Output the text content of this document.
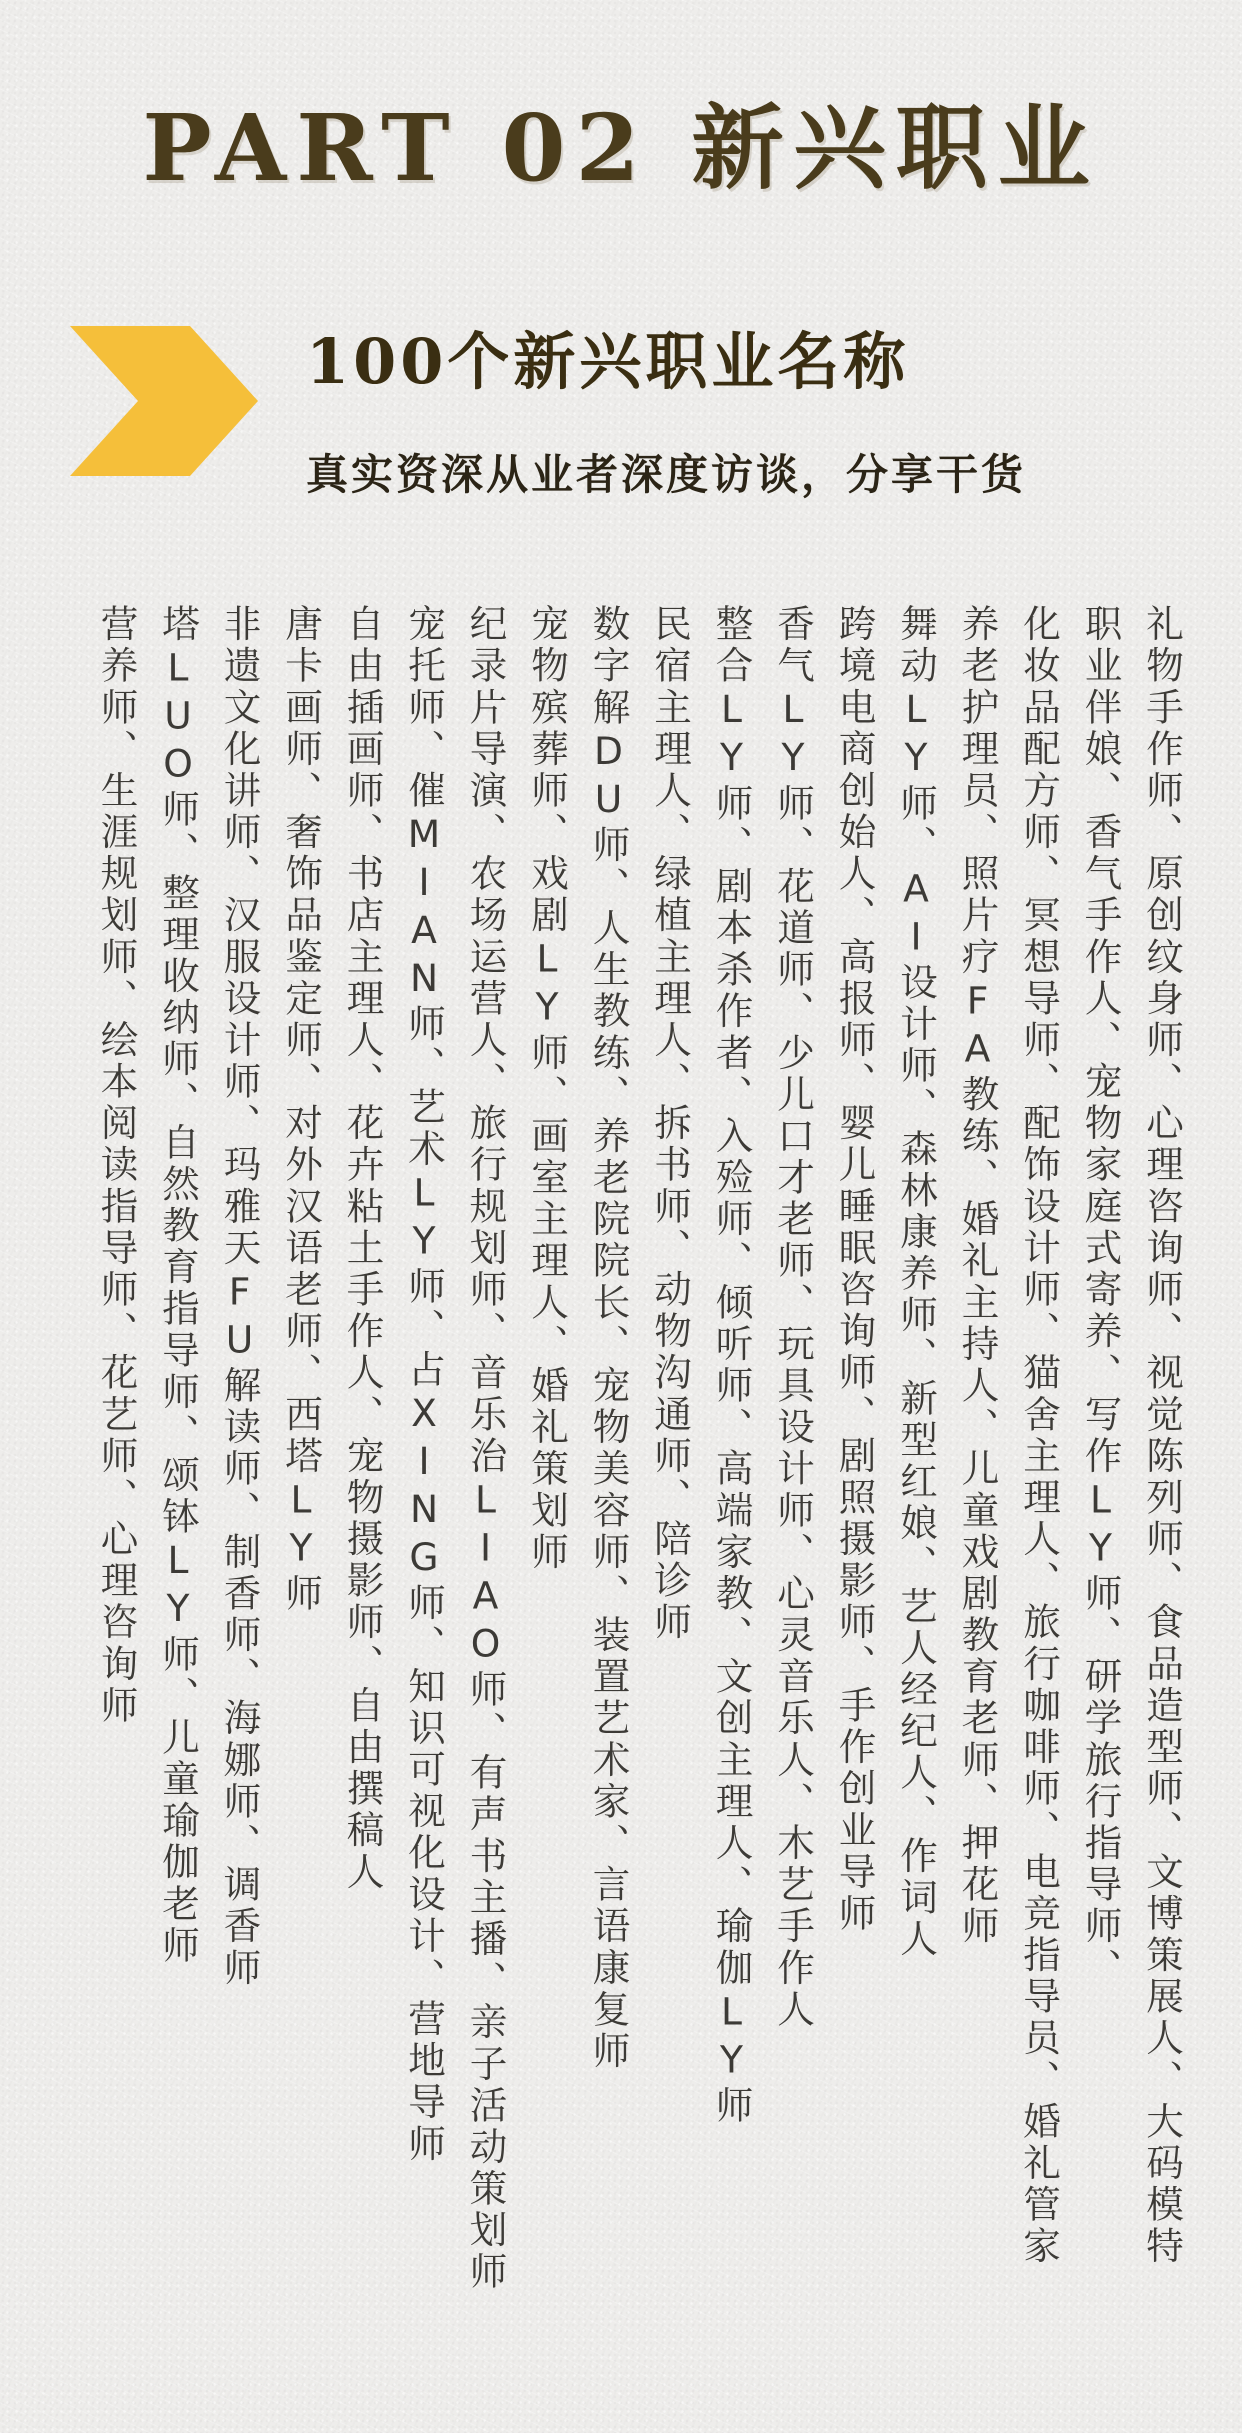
PART 02 新兴职业
100个新兴职业名称
真实资深从业者深度访谈，分享干货
礼物手作师、原创纹身师、心理咨询师、视觉陈列师、食品造型师、文博策展人、大码模特
职业伴娘、香气手作人、宠物家庭式寄养、写作LY师、研学旅行指导师、
化妆品配方师、冥想导师、配饰设计师、猫舍主理人、旅行咖啡师、电竞指导员、婚礼管家
养老护理员、照片疗FA教练、婚礼主持人、儿童戏剧教育老师、押花师
舞动LY师、AI设计师、森林康养师、新型红娘、艺人经纪人、作词人
跨境电商创始人、高报师、婴儿睡眠咨询师、剧照摄影师、手作创业导师
香气LY师、花道师、少儿口才老师、玩具设计师、心灵音乐人、木艺手作人
整合LY师、剧本杀作者、入殓师、倾听师、高端家教、文创主理人、瑜伽LY师
民宿主理人、绿植主理人、拆书师、动物沟通师、陪诊师
数字解DU师、人生教练、养老院院长、宠物美容师、装置艺术家、言语康复师
宠物殡葬师、戏剧LY师、画室主理人、婚礼策划师
纪录片导演、农场运营人、旅行规划师、音乐治LIAO师、有声书主播、亲子活动策划师
宠托师、催MIAN师、艺术LY师、占XING师、知识可视化设计、营地导师
自由插画师、书店主理人、花卉粘土手作人、宠物摄影师、自由撰稿人
唐卡画师、奢饰品鉴定师、对外汉语老师、西塔LY师
非遗文化讲师、汉服设计师、玛雅天FU解读师、制香师、海娜师、调香师
塔LUO师、整理收纳师、自然教育指导师、颂钵LY师、儿童瑜伽老师
营养师、生涯规划师、绘本阅读指导师、花艺师、心理咨询师
